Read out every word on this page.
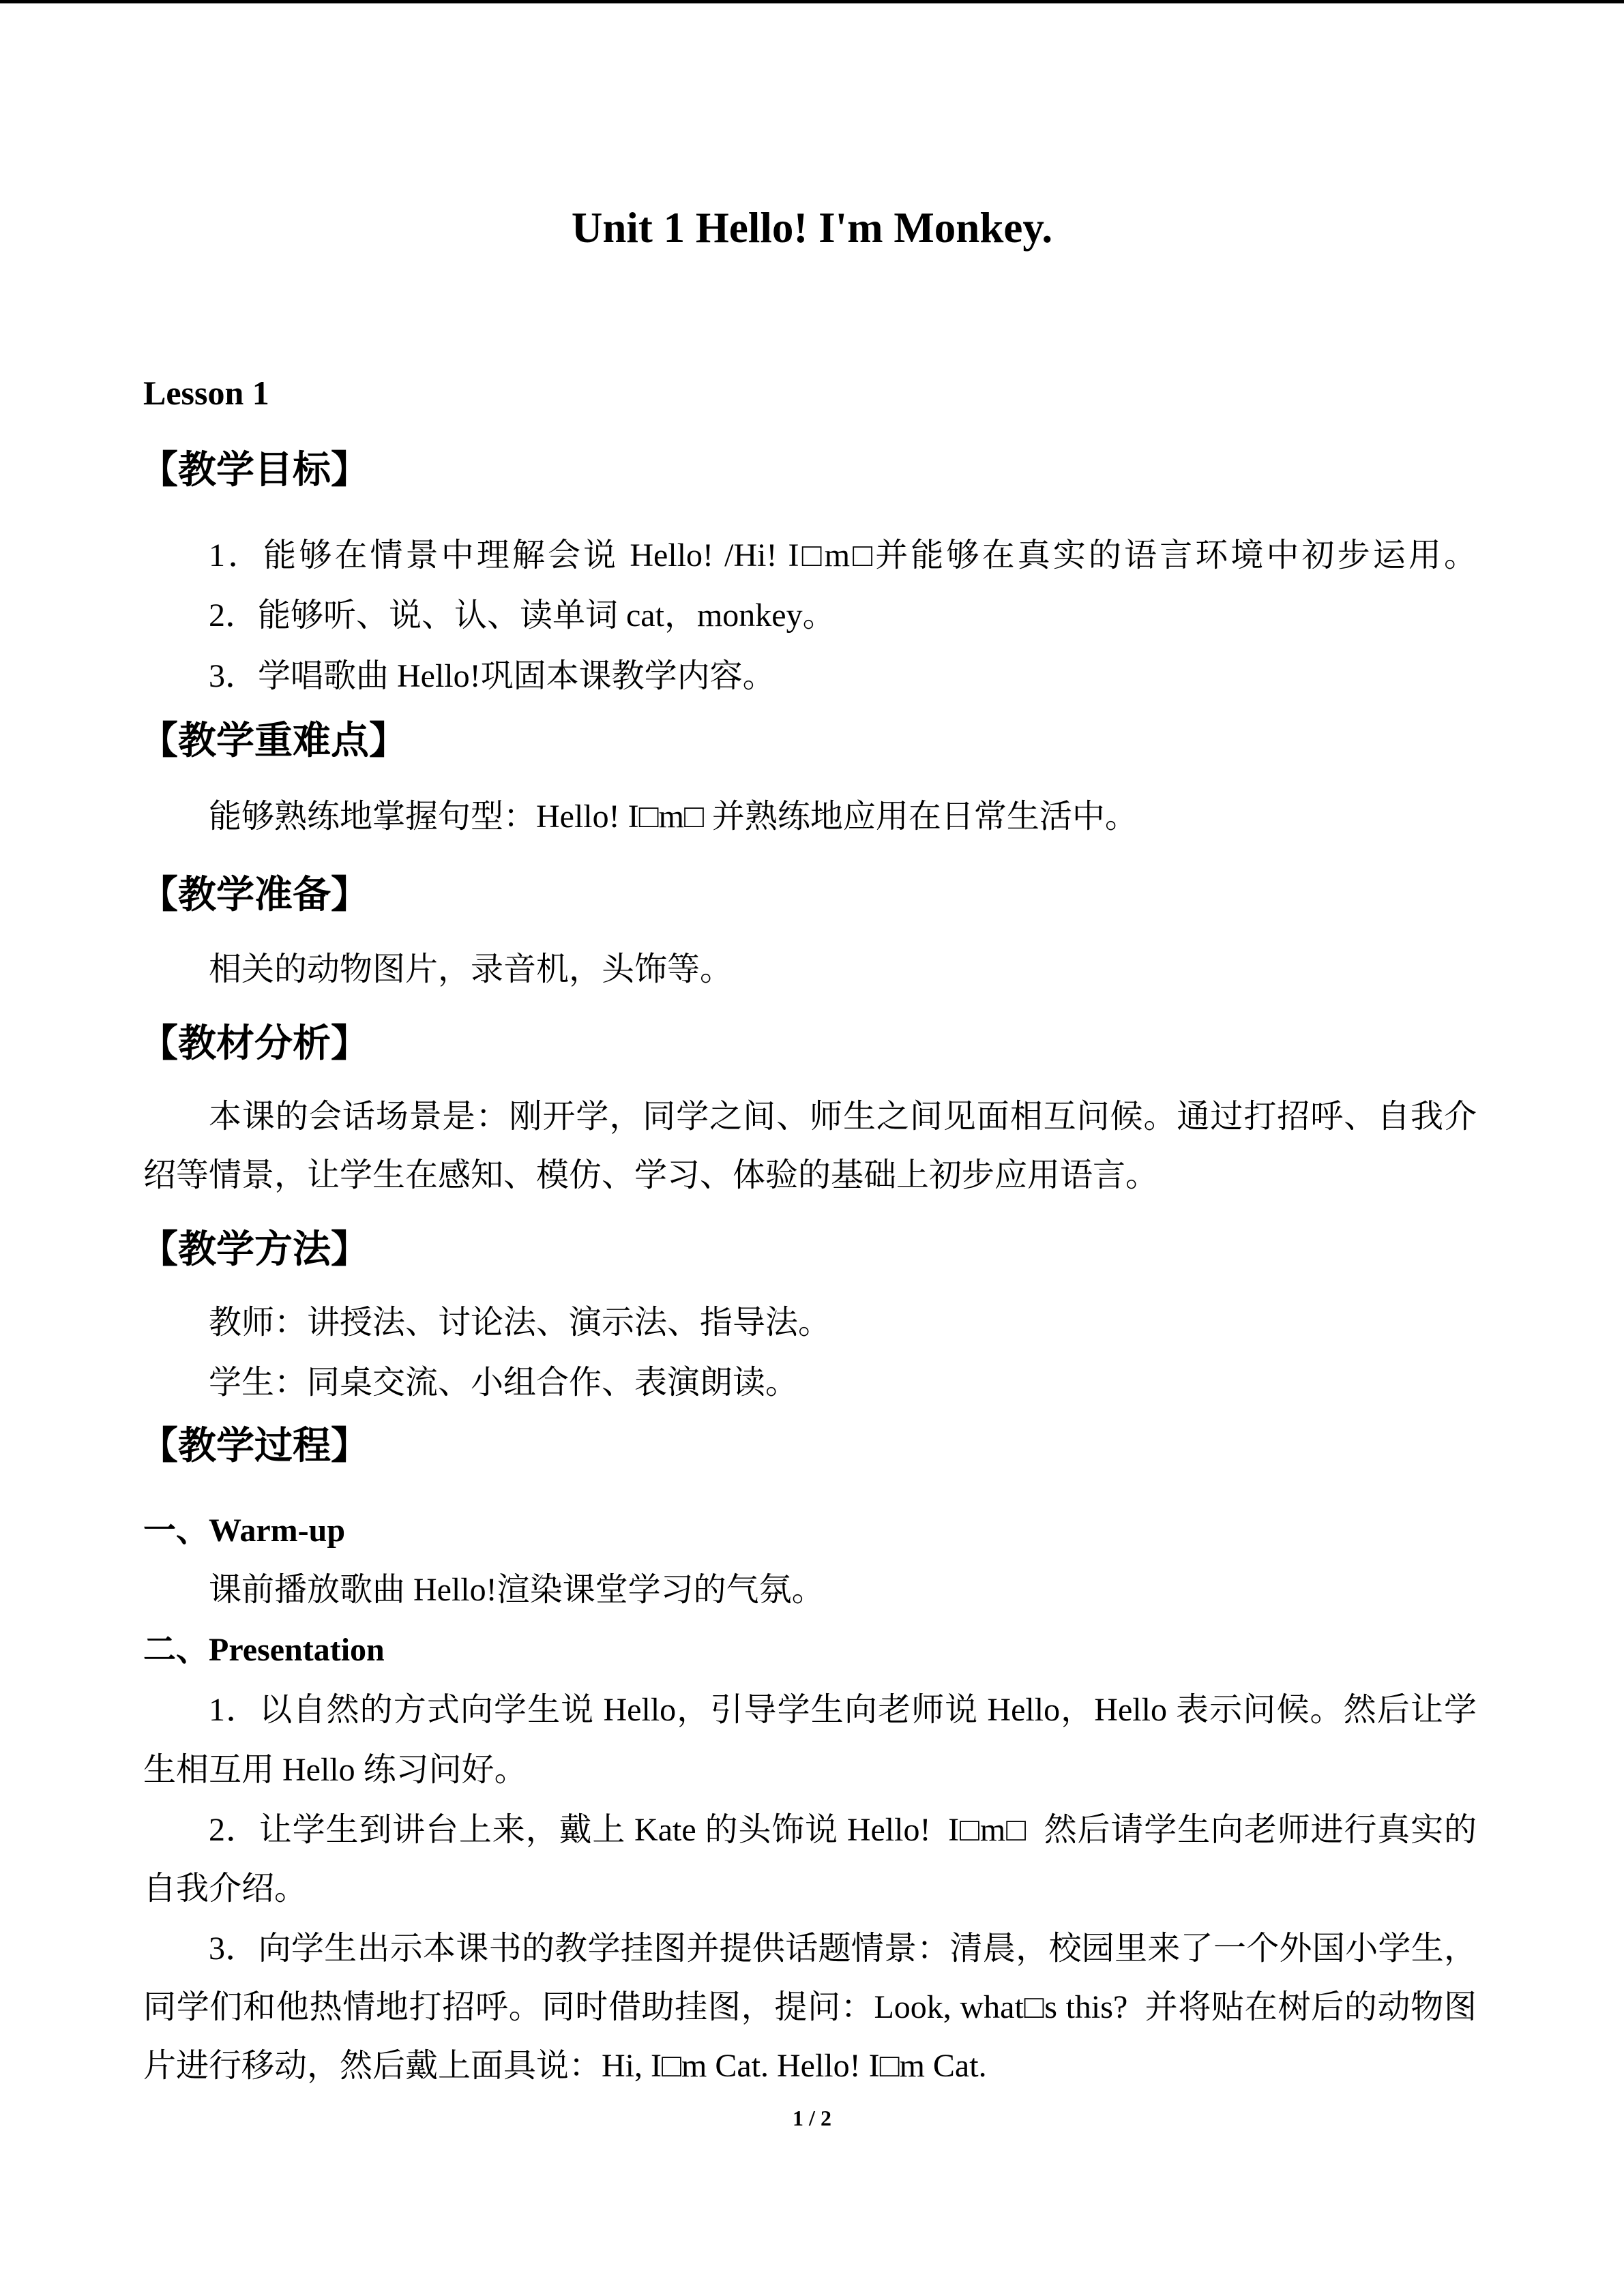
Unit 1 Hello! I'm Monkey.
Lesson 1
【教学目标】
1．能够在情景中理解会说 Hello! /Hi! I□m□并能够在真实的语言环境中初步运用。
2．能够听、说、认、读单词 cat，monkey。
3．学唱歌曲 Hello!巩固本课教学内容。
【教学重难点】
能够熟练地掌握句型：Hello! I□m□ 并熟练地应用在日常生活中。
【教学准备】
相关的动物图片，录音机，头饰等。
【教材分析】
本课的会话场景是：刚开学，同学之间、师生之间见面相互问候。通过打招呼、自我介
绍等情景，让学生在感知、模仿、学习、体验的基础上初步应用语言。
【教学方法】
教师：讲授法、讨论法、演示法、指导法。
学生：同桌交流、小组合作、表演朗读。
【教学过程】
一、Warm-up
课前播放歌曲 Hello!渲染课堂学习的气氛。
二、Presentation
1．以自然的方式向学生说 Hello，引导学生向老师说 Hello，Hello 表示问候。然后让学
生相互用 Hello 练习问好。
2．让学生到讲台上来，戴上 Kate 的头饰说 Hello!  I□m□  然后请学生向老师进行真实的
自我介绍。
3．向学生出示本课书的教学挂图并提供话题情景：清晨，校园里来了一个外国小学生，
同学们和他热情地打招呼。同时借助挂图，提问：Look, what□s this?  并将贴在树后的动物图
片进行移动，然后戴上面具说：Hi, I□m Cat. Hello! I□m Cat.
1 / 2
